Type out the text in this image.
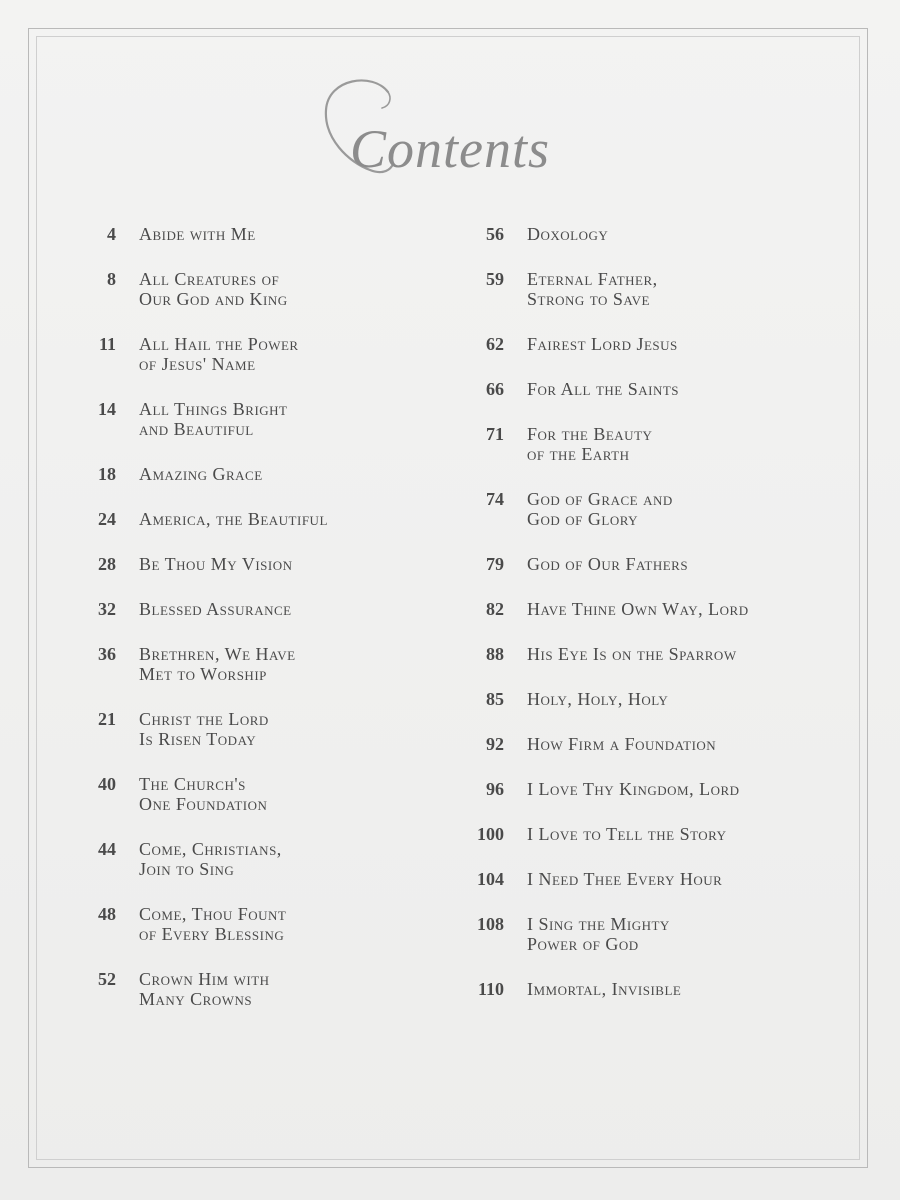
Contents
4 Abide with Me
8 All Creatures of
Our God and King
11 All Hail the Power
of Jesus' Name
14 All Things Bright
and Beautiful
18 Amazing Grace
24 America, the Beautiful
28 Be Thou My Vision
32 Blessed Assurance
36 Brethren, We Have
Met to Worship
21 Christ the Lord
Is Risen Today
40 The Church's
One Foundation
44 Come, Christians,
Join to Sing
48 Come, Thou Fount
of Every Blessing
52 Crown Him with
Many Crowns
56 Doxology
59 Eternal Father,
Strong to Save
62 Fairest Lord Jesus
66 For All the Saints
71 For the Beauty
of the Earth
74 God of Grace and
God of Glory
79 God of Our Fathers
82 Have Thine Own Way, Lord
88 His Eye Is on the Sparrow
85 Holy, Holy, Holy
92 How Firm a Foundation
96 I Love Thy Kingdom, Lord
100 I Love to Tell the Story
104 I Need Thee Every Hour
108 I Sing the Mighty
Power of God
110 Immortal, Invisible
